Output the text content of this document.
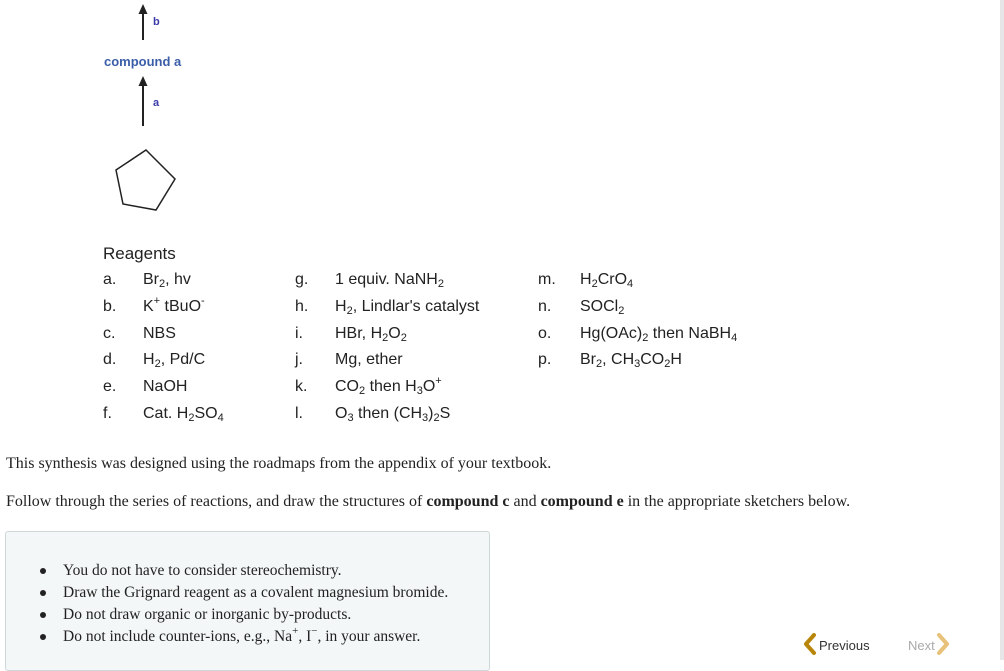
b
compound a
a
Reagents
a. $Br_2$, hv
b. K+ tBuO-
c. NBS
d. $H_2$, Pd/C
e. NaOH
f. Cat. $H_2SO_4$
g. 1 equiv. NaNH$_2$
h. $H_2$, Lindlar's catalyst
i. HBr, $H_2O_2$
j. Mg, ether
k. $CO_2$ then $H_3O^+$
l. $O_3$ then $(CH_3)_2S$
m. $H_2CrO_4$
n. SOCl$_2$
o. $Hg(OAc)_2$ then NaBH$_4$
p. $Br_2$, $CH_3CO_2H$
This synthesis was designed using the roadmaps from the appendix of your textbook.
Follow through the series of reactions, and draw the structures of compound c and compound e in the appropriate sketchers below.
You do not have to consider stereochemistry.
Draw the Grignard reagent as a covalent magnesium bromide.
Do not draw organic or inorganic by-products.
Do not include counter-ions, e.g., Na+, I−, in your answer.
Previous	Next
